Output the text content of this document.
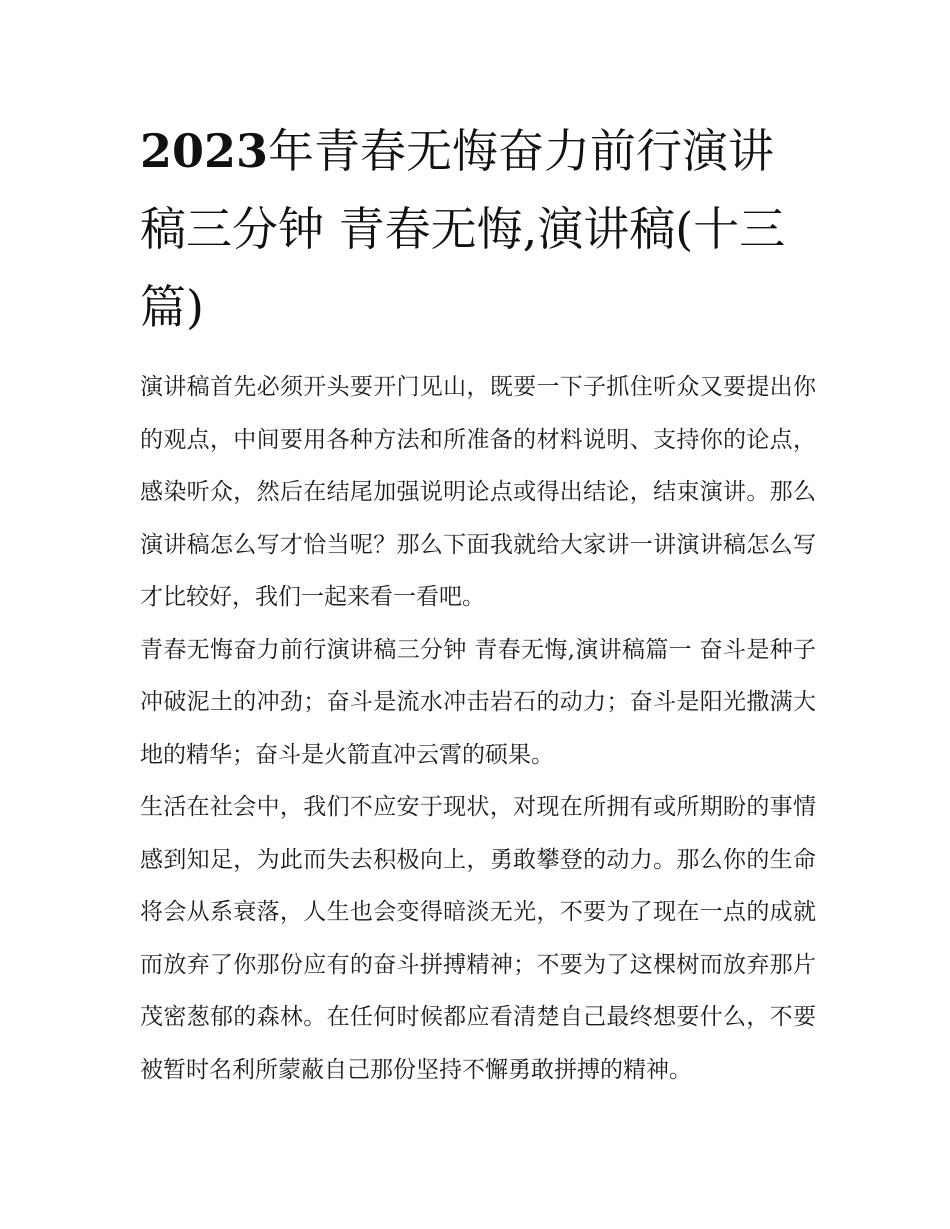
2023年青春无悔奋力前行演讲稿三分钟 青春无悔,演讲稿(十三篇)

演讲稿首先必须开头要开门见山，既要一下子抓住听众又要提出你的观点，中间要用各种方法和所准备的材料说明、支持你的论点，感染听众，然后在结尾加强说明论点或得出结论，结束演讲。那么演讲稿怎么写才恰当呢？那么下面我就给大家讲一讲演讲稿怎么写才比较好，我们一起来看一看吧。

青春无悔奋力前行演讲稿三分钟 青春无悔,演讲稿篇一 奋斗是种子冲破泥土的冲劲；奋斗是流水冲击岩石的动力；奋斗是阳光撒满大地的精华；奋斗是火箭直冲云霄的硕果。

生活在社会中，我们不应安于现状，对现在所拥有或所期盼的事情感到知足，为此而失去积极向上，勇敢攀登的动力。那么你的生命将会从系衰落，人生也会变得暗淡无光，不要为了现在一点的成就而放弃了你那份应有的奋斗拼搏精神；不要为了这棵树而放弃那片茂密葱郁的森林。在任何时候都应看清楚自己最终想要什么，不要被暂时名利所蒙蔽自己那份坚持不懈勇敢拼搏的精神。
